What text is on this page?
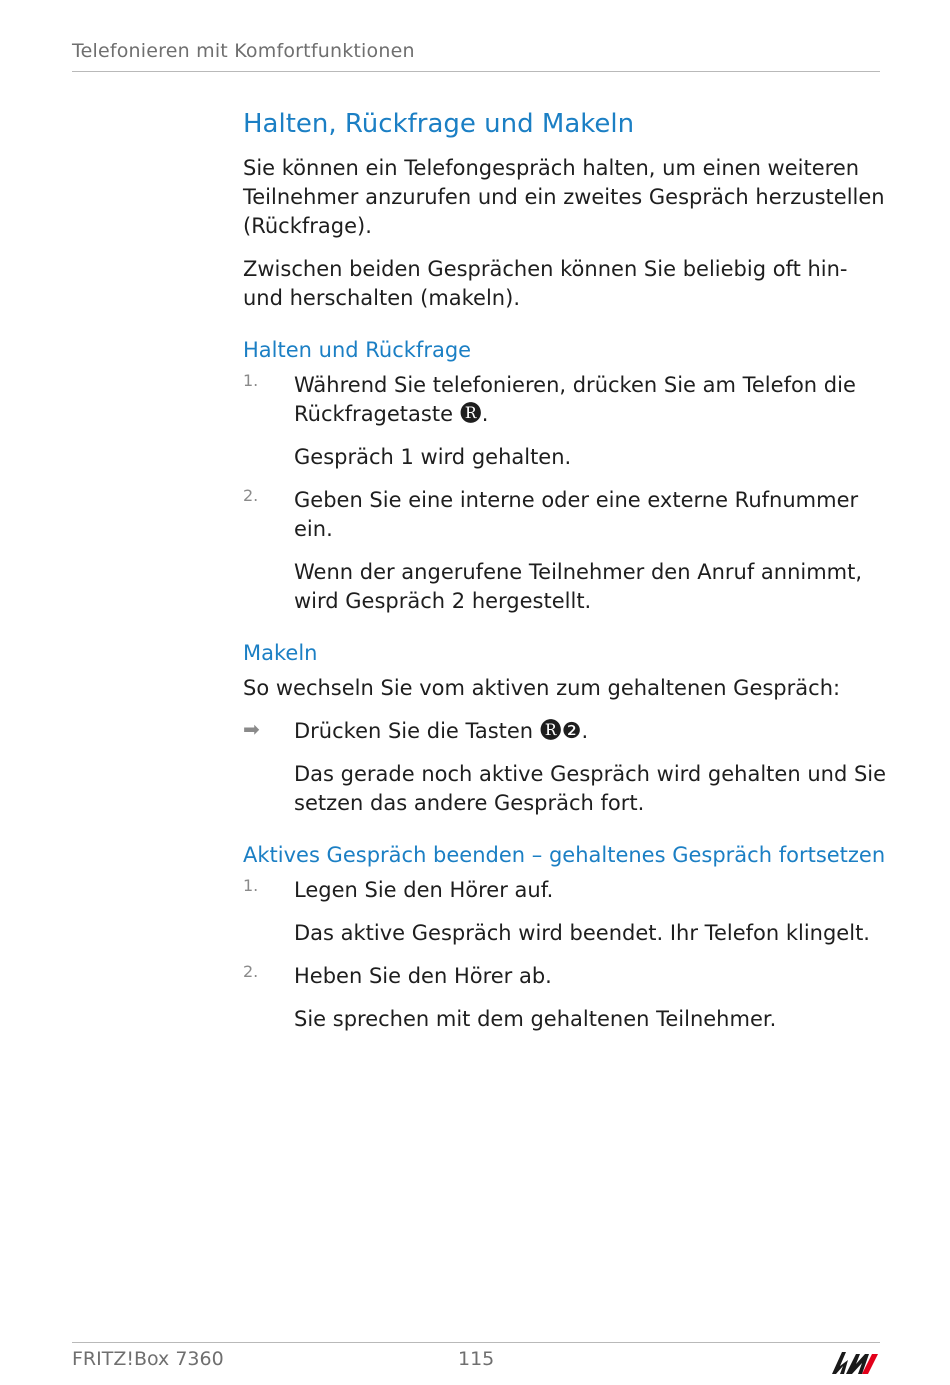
Telefonieren mit Komfortfunktionen
Halten, Rückfrage und Makeln

Sie können ein Telefongespräch halten, um einen weiteren Teilnehmer anzurufen und ein zweites Gespräch herzustellen (Rückfrage).

Zwischen beiden Gesprächen können Sie beliebig oft hin- und herschalten (makeln).

Halten und Rückfrage
1. Während Sie telefonieren, drücken Sie am Telefon die Rückfragetaste 🅡.

Gespräch 1 wird gehalten.

2. Geben Sie eine interne oder eine externe Rufnummer ein.

Wenn der angerufene Teilnehmer den Anruf annimmt, wird Gespräch 2 hergestellt.

Makeln

So wechseln Sie vom aktiven zum gehaltenen Gespräch:

➡ Drücken Sie die Tasten 🅡❷.

Das gerade noch aktive Gespräch wird gehalten und Sie setzen das andere Gespräch fort.

Aktives Gespräch beenden – gehaltenes Gespräch fortsetzen
1. Legen Sie den Hörer auf.

Das aktive Gespräch wird beendet. Ihr Telefon klingelt.

2. Heben Sie den Hörer ab.

Sie sprechen mit dem gehaltenen Teilnehmer.

FRITZ!Box 7360	115
